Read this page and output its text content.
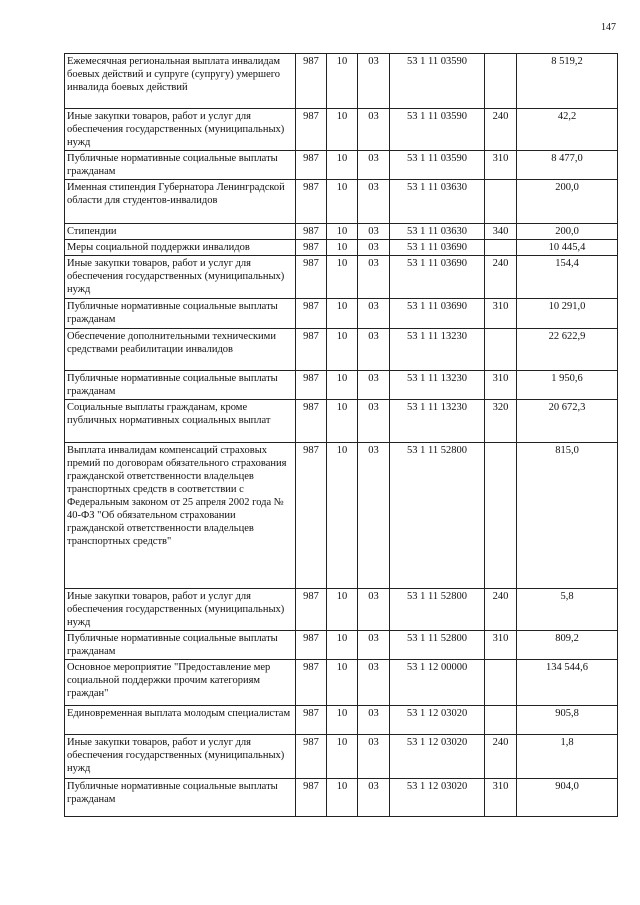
147
Ежемесячная региональная выплата инвалидам боевых действий и супруге (супругу) умершего инвалида боевых действий	987	10	03	53 1 11 03590		8 519,2
Иные закупки товаров, работ и услуг для обеспечения государственных (муниципальных) нужд	987	10	03	53 1 11 03590	240	42,2
Публичные нормативные социальные выплаты гражданам	987	10	03	53 1 11 03590	310	8 477,0
Именная стипендия Губернатора Ленинградской области для студентов-инвалидов	987	10	03	53 1 11 03630		200,0
Стипендии	987	10	03	53 1 11 03630	340	200,0
Меры социальной поддержки инвалидов	987	10	03	53 1 11 03690		10 445,4
Иные закупки товаров, работ и услуг для обеспечения государственных (муниципальных) нужд	987	10	03	53 1 11 03690	240	154,4
Публичные нормативные социальные выплаты гражданам	987	10	03	53 1 11 03690	310	10 291,0
Обеспечение дополнительными техническими средствами реабилитации инвалидов	987	10	03	53 1 11 13230		22 622,9
Публичные нормативные социальные выплаты гражданам	987	10	03	53 1 11 13230	310	1 950,6
Социальные выплаты гражданам, кроме публичных нормативных социальных выплат	987	10	03	53 1 11 13230	320	20 672,3
Выплата инвалидам компенсаций страховых премий по договорам обязательного страхования гражданской ответственности владельцев транспортных средств в соответствии с Федеральным законом от 25 апреля 2002 года № 40-ФЗ "Об обязательном страховании гражданской ответственности владельцев транспортных средств"	987	10	03	53 1 11 52800		815,0
Иные закупки товаров, работ и услуг для обеспечения государственных (муниципальных) нужд	987	10	03	53 1 11 52800	240	5,8
Публичные нормативные социальные выплаты гражданам	987	10	03	53 1 11 52800	310	809,2
Основное мероприятие "Предоставление мер социальной поддержки прочим категориям граждан"	987	10	03	53 1 12 00000		134 544,6
Единовременная выплата молодым специалистам	987	10	03	53 1 12 03020		905,8
Иные закупки товаров, работ и услуг для обеспечения государственных (муниципальных) нужд	987	10	03	53 1 12 03020	240	1,8
Публичные нормативные социальные выплаты гражданам	987	10	03	53 1 12 03020	310	904,0
